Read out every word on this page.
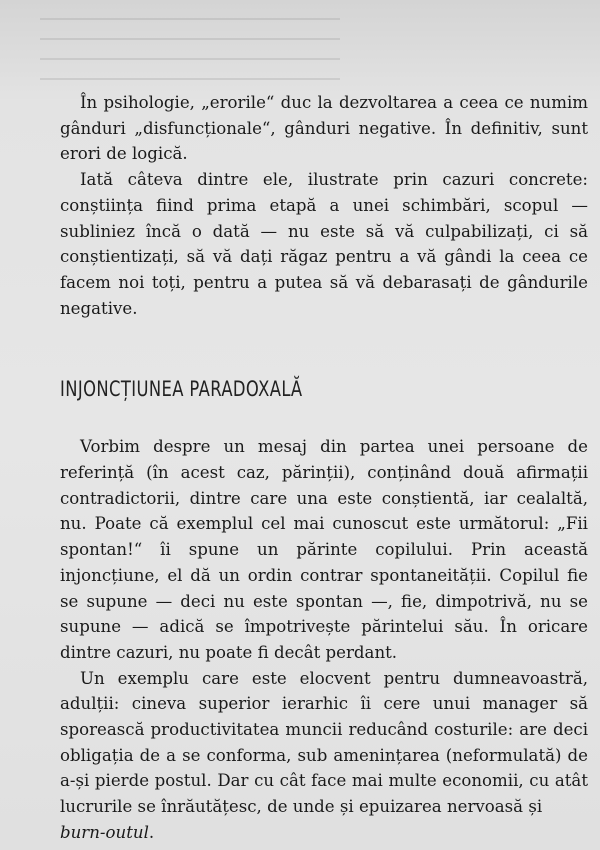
În psihologie, „erorile“ duc la dezvoltarea a ceea ce numim gânduri „disfuncționale“, gânduri negative. În definitiv, sunt erori de logică.

Iată câteva dintre ele, ilustrate prin cazuri concrete: conștiința fiind prima etapă a unei schimbări, scopul — subliniez încă o dată — nu este să vă culpabilizați, ci să conștientizați, să vă dați răgaz pentru a vă gândi la ceea ce facem noi toți, pentru a putea să vă debarasați de gândurile negative.

INJONCȚIUNEA PARADOXALĂ

Vorbim despre un mesaj din partea unei persoane de referință (în acest caz, părinții), conținând două afirmații contradictorii, dintre care una este conștientă, iar cealaltă, nu. Poate că exemplul cel mai cunoscut este următorul: „Fii spontan!“ îi spune un părinte copilului. Prin această injoncțiune, el dă un ordin contrar spontaneității. Copilul fie se supune — deci nu este spontan —, fie, dimpotrivă, nu se supune — adică se împotrivește părintelui său. În oricare dintre cazuri, nu poate fi decât perdant.

Un exemplu care este elocvent pentru dumneavoastră, adulții: cineva superior ierarhic îi cere unui manager să sporească productivitatea muncii reducând costurile: are deci obligația de a se conforma, sub amenințarea (neformulată) de a-și pierde postul. Dar cu cât face mai multe economii, cu atât lucrurile se înrăutățesc, de unde și epuizarea nervoasă și
burn-outul.
